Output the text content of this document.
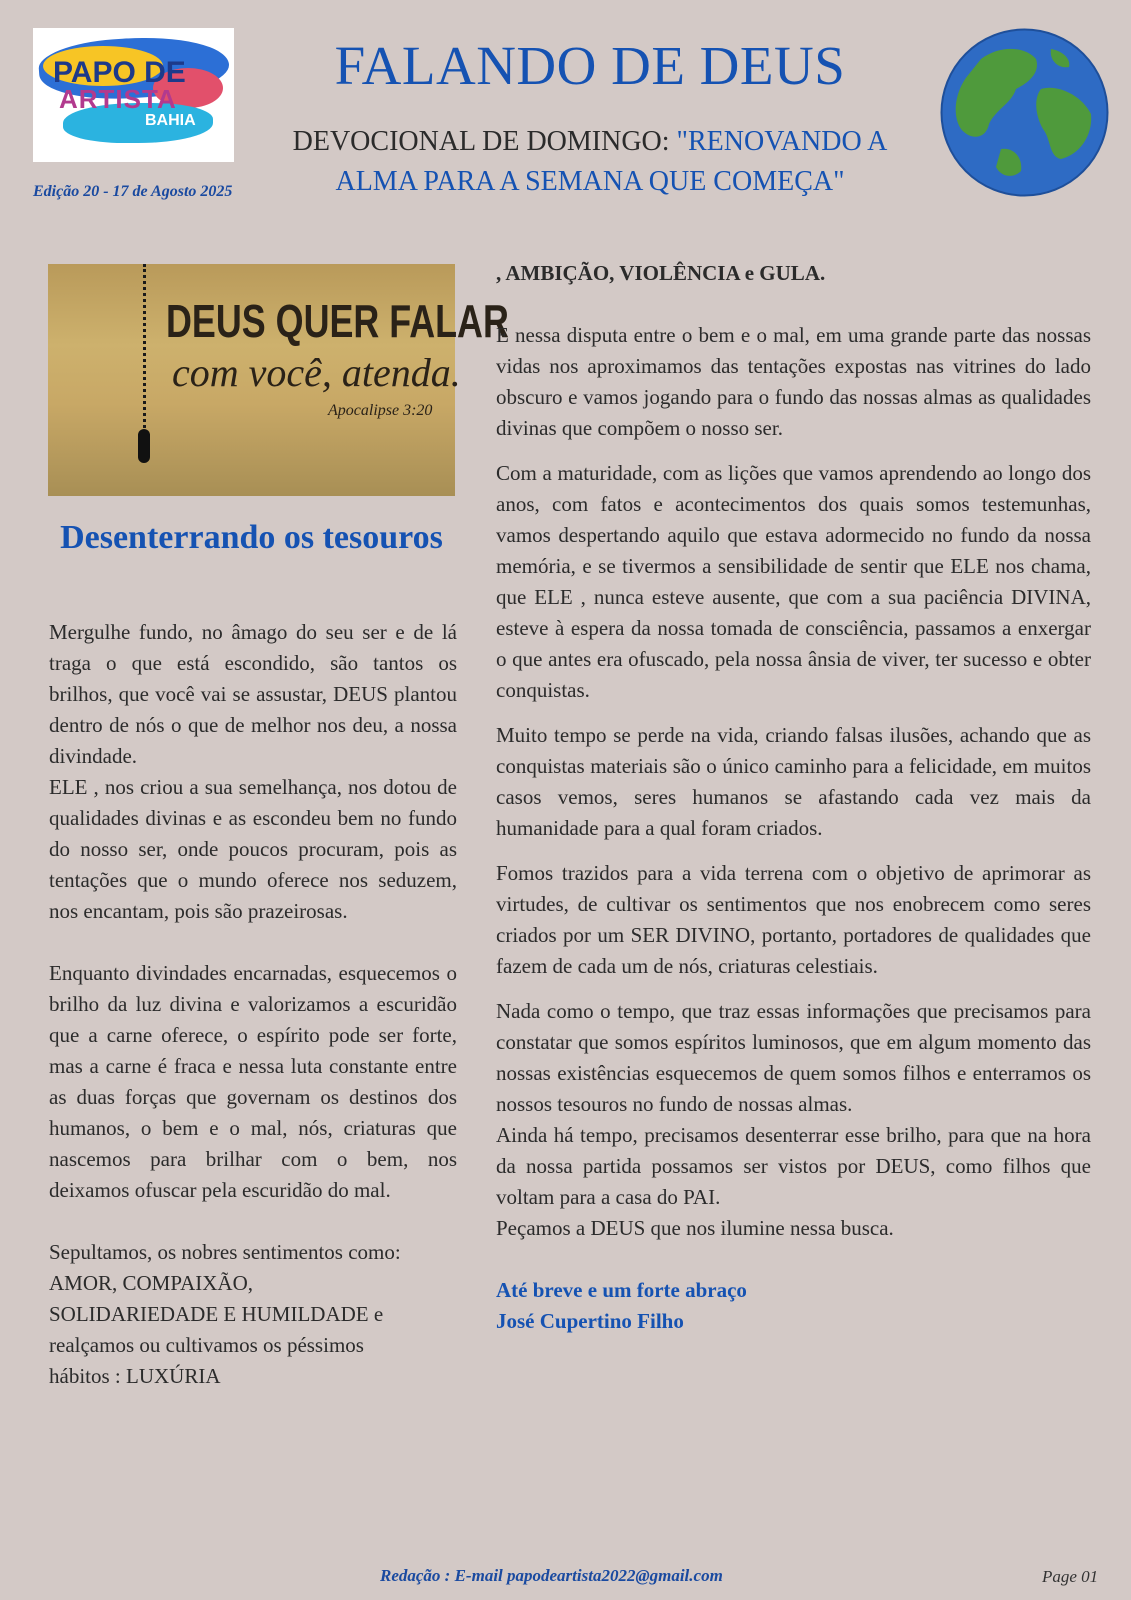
PAPO DE
ARTISTA
BAHIA
FALANDO DE DEUS
DEVOCIONAL DE DOMINGO: "RENOVANDO A ALMA PARA A SEMANA QUE COMEÇA"
Edição 20 - 17 de Agosto 2025
DEUS QUER FALAR
com você, atenda.
Apocalipse 3:20
Desenterrando os tesouros

Mergulhe fundo, no âmago do seu ser e de lá traga o que está escondido, são tantos os brilhos, que você vai se assustar, DEUS plantou dentro de nós o que de melhor nos deu, a nossa divindade.

ELE , nos criou a sua semelhança, nos dotou de qualidades divinas e as escondeu bem no fundo do nosso ser, onde poucos procuram, pois as tentações que o mundo oferece nos seduzem, nos encantam, pois são prazeirosas.

Enquanto divindades encarnadas, esquecemos o brilho da luz divina e valorizamos a escuridão que a carne oferece, o espírito pode ser forte, mas a carne é fraca e nessa luta constante entre as duas forças que governam os destinos dos humanos, o bem e o mal, nós, criaturas que nascemos para brilhar com o bem, nos deixamos ofuscar pela escuridão do mal.

Sepultamos, os nobres sentimentos como:

AMOR, COMPAIXÃO,

SOLIDARIEDADE E HUMILDADE e

realçamos ou cultivamos os péssimos

hábitos : LUXÚRIA

, AMBIÇÃO, VIOLÊNCIA e GULA.

E nessa disputa entre o bem e o mal, em uma grande parte das nossas vidas nos aproximamos das tentações expostas nas vitrines do lado obscuro e vamos jogando para o fundo das nossas almas as qualidades divinas que compõem o nosso ser.

Com a maturidade, com as lições que vamos aprendendo ao longo dos anos, com fatos e acontecimentos dos quais somos testemunhas, vamos despertando aquilo que estava adormecido no fundo da nossa memória, e se tivermos a sensibilidade de sentir que ELE nos chama, que ELE , nunca esteve ausente, que com a sua paciência DIVINA, esteve à espera da nossa tomada de consciência, passamos a enxergar o que antes era ofuscado, pela nossa ânsia de viver, ter sucesso e obter conquistas.

Muito tempo se perde na vida, criando falsas ilusões, achando que as conquistas materiais são o único caminho para a felicidade, em muitos casos vemos, seres humanos se afastando cada vez mais da humanidade para a qual foram criados.

Fomos trazidos para a vida terrena com o objetivo de aprimorar as virtudes, de cultivar os sentimentos que nos enobrecem como seres criados por um SER DIVINO, portanto, portadores de qualidades que fazem de cada um de nós, criaturas celestiais.

Nada como o tempo, que traz essas informações que precisamos para constatar que somos espíritos luminosos, que em algum momento das nossas existências esquecemos de quem somos filhos e enterramos os nossos tesouros no fundo de nossas almas.

Ainda há tempo, precisamos desenterrar esse brilho, para que na hora da nossa partida possamos ser vistos por DEUS, como filhos que voltam para a casa do PAI.

Peçamos a DEUS que nos ilumine nessa busca.

Até breve e um forte abraço

José Cupertino Filho

Redação : E-mail papodeartista2022@gmail.com	Page 01
